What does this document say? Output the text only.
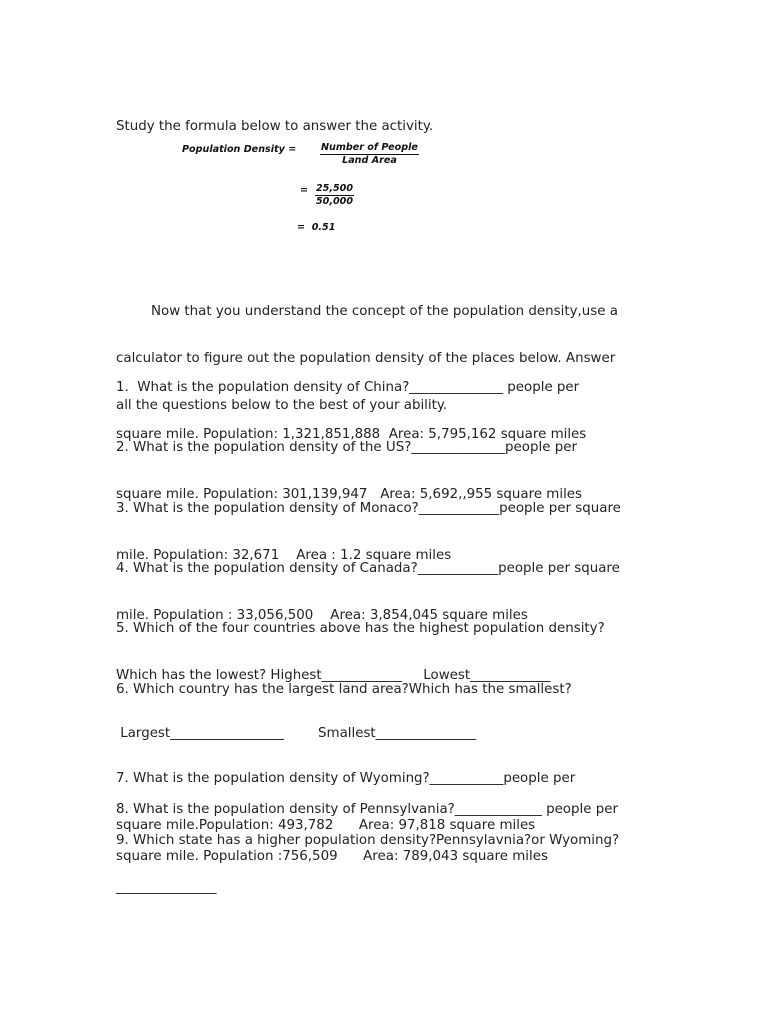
Study the formula below to answer the activity.

Population Density =	Number of People
Land Area
= $\frac{25,500}{50,000}$
=  0.51

Now that you understand the concept of the population density,use a

calculator to figure out the population density of the places below. Answer

all the questions below to the best of your ability.

1.  What is the population density of China?______________ people per

square mile. Population: 1,321,851,888  Area: 5,795,162 square miles

2. What is the population density of the US?______________people per

square mile. Population: 301,139,947   Area: 5,692,,955 square miles

3. What is the population density of Monaco?____________people per square

mile. Population: 32,671    Area : 1.2 square miles

4. What is the population density of Canada?____________people per square

mile. Population : 33,056,500    Area: 3,854,045 square miles

5. Which of the four countries above has the highest population density?

Which has the lowest? Highest____________     Lowest____________

6. Which country has the largest land area?Which has the smallest?

Largest_________________        Smallest_______________

7. What is the population density of Wyoming?___________people per

square mile.Population: 493,782      Area: 97,818 square miles

8. What is the population density of Pennsylvania?_____________ people per

square mile. Population :756,509      Area: 789,043 square miles

9. Which state has a higher population density?Pennsylavnia?or Wyoming?

_______________
